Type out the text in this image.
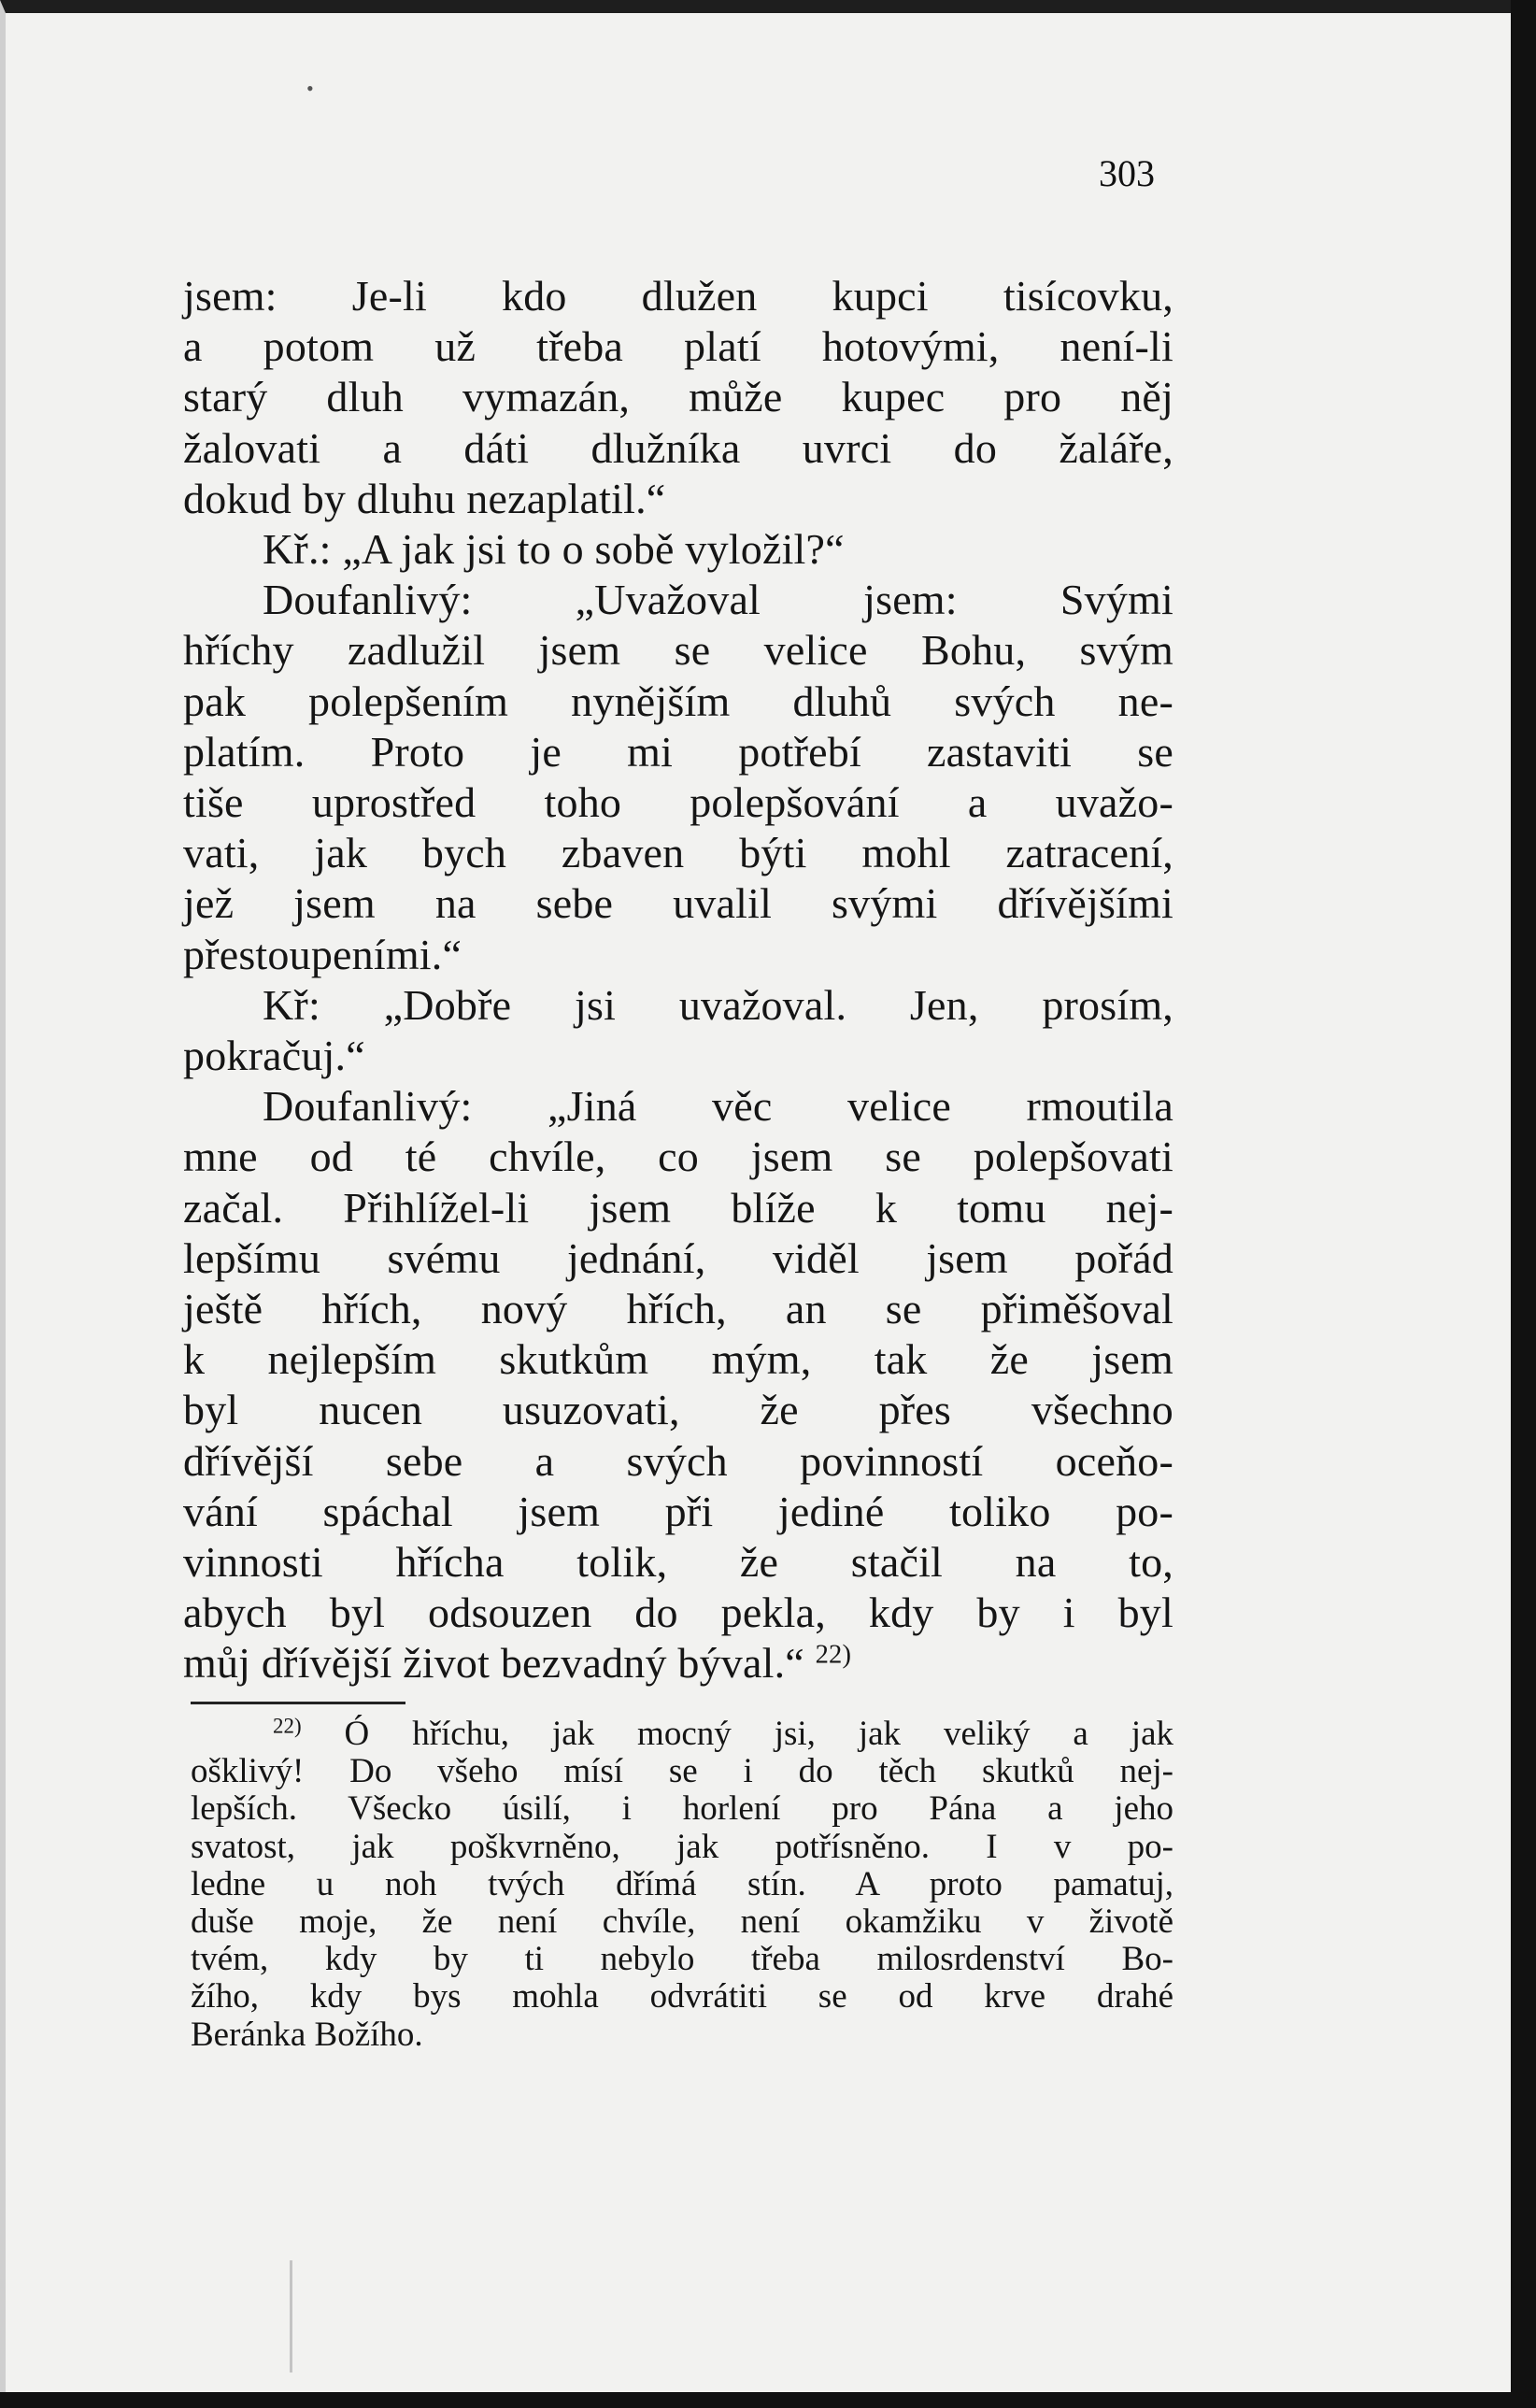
•
303
jsem: Je-li kdo dlužen kupci tisícovku,
a potom už třeba platí hotovými, není-li
starý dluh vymazán, může kupec pro něj
žalovati a dáti dlužníka uvrci do žaláře,
dokud by dluhu nezaplatil.“
Kř.: „A jak jsi to o sobě vyložil?“
Doufanlivý: „Uvažoval jsem: Svými
hříchy zadlužil jsem se velice Bohu, svým
pak polepšením nynějším dluhů svých ne-
platím. Proto je mi potřebí zastaviti se
tiše uprostřed toho polepšování a uvažo-
vati, jak bych zbaven býti mohl zatracení,
jež jsem na sebe uvalil svými dřívějšími
přestoupeními.“
Kř: „Dobře jsi uvažoval. Jen, prosím,
pokračuj.“
Doufanlivý: „Jiná věc velice rmoutila
mne od té chvíle, co jsem se polepšovati
začal. Přihlížel-li jsem blíže k tomu nej-
lepšímu svému jednání, viděl jsem pořád
ještě hřích, nový hřích, an se přiměšoval
k nejlepším skutkům mým, tak že jsem
byl nucen usuzovati, že přes všechno
dřívější sebe a svých povinností oceňo-
vání spáchal jsem při jediné toliko po-
vinnosti hřícha tolik, že stačil na to,
abych byl odsouzen do pekla, kdy by i byl
můj dřívější život bezvadný býval.“ $^{22)}$
$^{22)}$ Ó hříchu, jak mocný jsi, jak veliký a jak
ošklivý! Do všeho mísí se i do těch skutků nej-
lepších. Všecko úsilí, i horlení pro Pána a jeho
svatost, jak poškvrněno, jak potřísněno. I v po-
ledne u noh tvých dřímá stín. A proto pamatuj,
duše moje, že není chvíle, není okamžiku v životě
tvém, kdy by ti nebylo třeba milosrdenství Bo-
žího, kdy bys mohla odvrátiti se od krve drahé
Beránka Božího.
